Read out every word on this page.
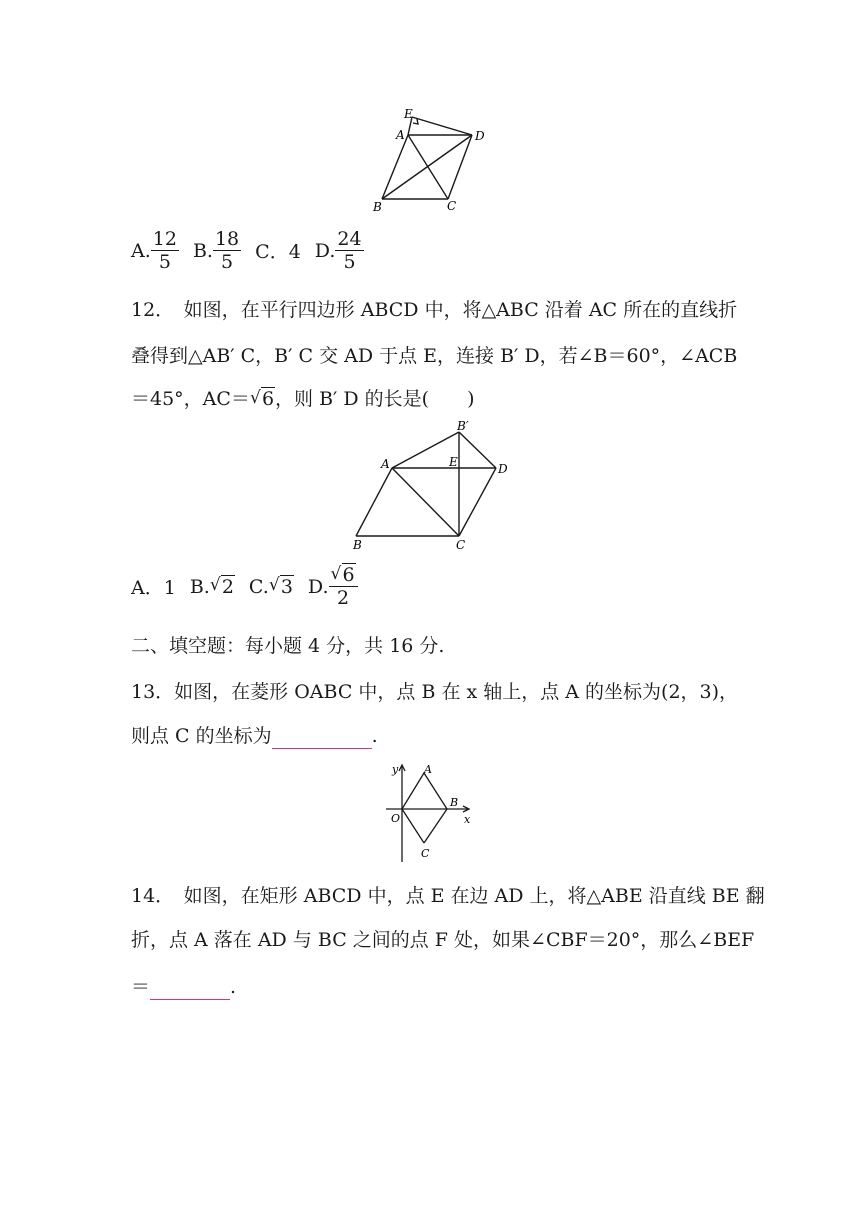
E
A	D
B	C
A. $\frac{12}{5} B$. $\frac{18}{5}$ C．4 D. $\frac{24}{5}$
12．　如图，在平行四边形 ABCD 中，将△ABC 沿着 AC 所在的直线折
叠得到△AB′ C，B′ C 交 AD 于点 E，连接 B′ D，若∠B＝60°，∠ACB
＝45°，AC＝ √ 6，则 B′ D 的长是(　　)
B′
A	E	D
B	C
A．1 B. √ 2 C. √ 3 D. √ $\frac{6}{2}$
二、填空题：每小题 4 分，共 16 分.
13．如图，在菱形 OABC 中，点 B 在 x 轴上，点 A 的坐标为(2，3)，
则点 C 的坐标为	.
y A
O
B
x
C
14．　如图，在矩形 ABCD 中，点 E 在边 AD 上，将△ABE 沿直线 BE 翻
折，点 A 落在 AD 与 BC 之间的点 F 处，如果∠CBF＝20°，那么∠BEF
＝	.
